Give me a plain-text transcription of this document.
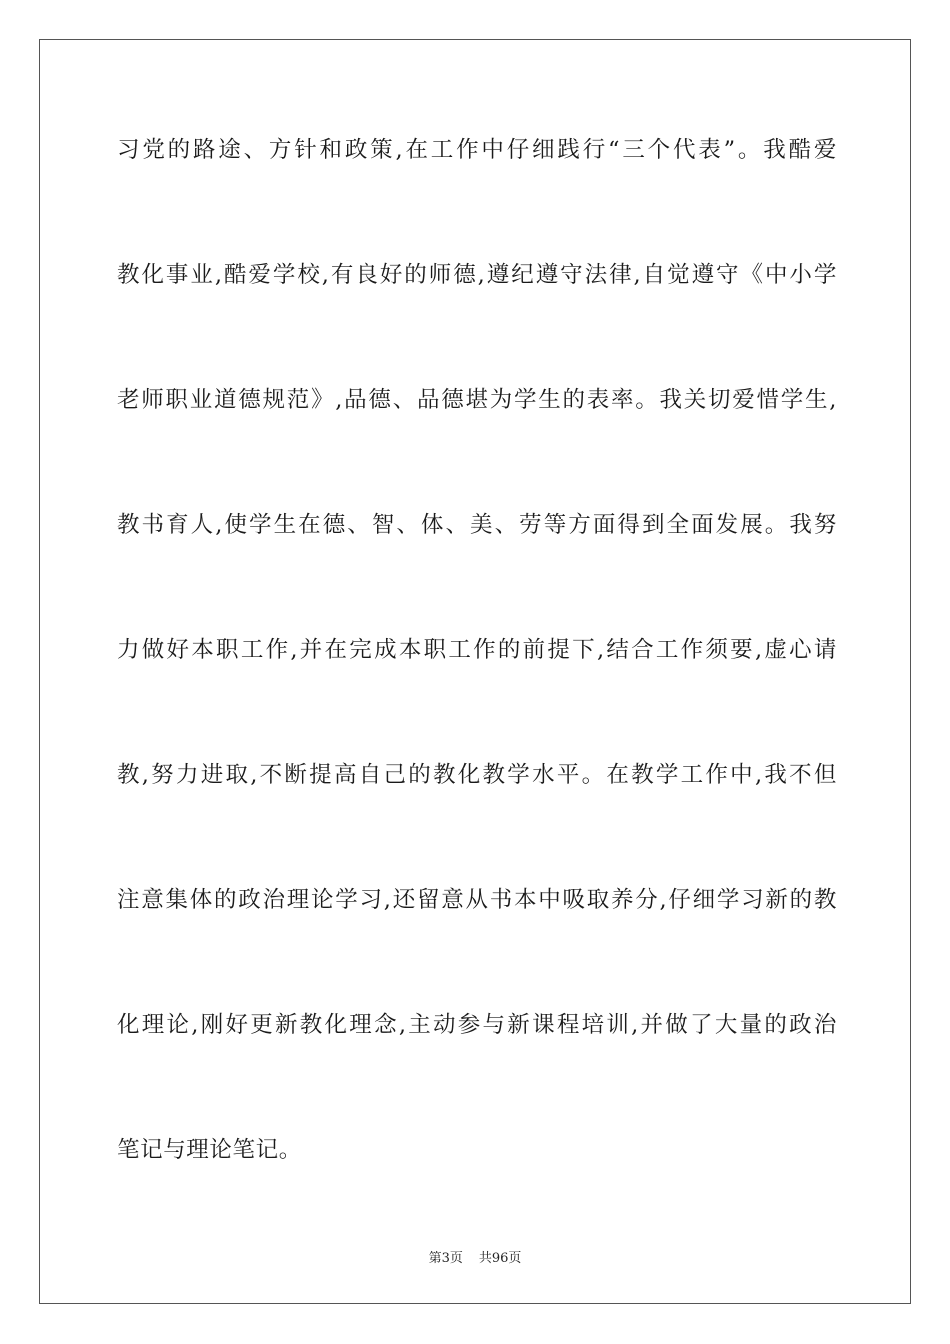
习党的路途、方针和政策,在工作中仔细践行“三个代表”。我酷爱
教化事业,酷爱学校,有良好的师德,遵纪遵守法律,自觉遵守《中小学
老师职业道德规范》,品德、品德堪为学生的表率。我关切爱惜学生,
教书育人,使学生在德、智、体、美、劳等方面得到全面发展。我努
力做好本职工作,并在完成本职工作的前提下,结合工作须要,虚心请
教,努力进取,不断提高自己的教化教学水平。在教学工作中,我不但
注意集体的政治理论学习,还留意从书本中吸取养分,仔细学习新的教
化理论,刚好更新教化理念,主动参与新课程培训,并做了大量的政治
笔记与理论笔记。
第3页 共96页
